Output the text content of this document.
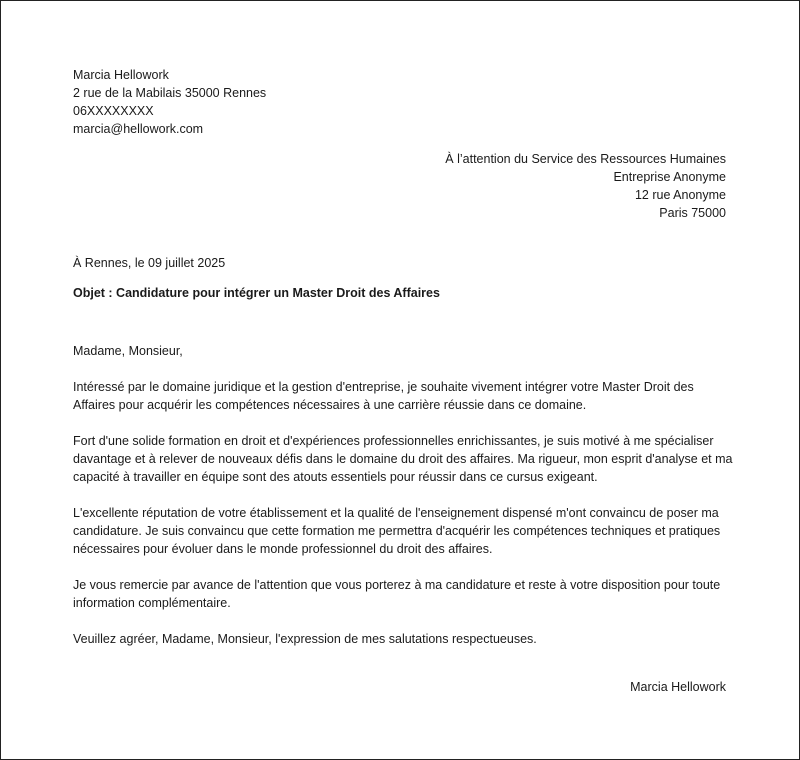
Marcia Hellowork
2 rue de la Mabilais 35000 Rennes
06XXXXXXXX
marcia@hellowork.com
À l’attention du Service des Ressources Humaines
Entreprise Anonyme
12 rue Anonyme
Paris 75000
À Rennes, le 09 juillet 2025
Objet : Candidature pour intégrer un Master Droit des Affaires

Madame, Monsieur,

Intéressé par le domaine juridique et la gestion d'entreprise, je souhaite vivement intégrer votre Master Droit des Affaires pour acquérir les compétences nécessaires à une carrière réussie dans ce domaine.

Fort d'une solide formation en droit et d'expériences professionnelles enrichissantes, je suis motivé à me spécialiser davantage et à relever de nouveaux défis dans le domaine du droit des affaires. Ma rigueur, mon esprit d'analyse et ma capacité à travailler en équipe sont des atouts essentiels pour réussir dans ce cursus exigeant.

L'excellente réputation de votre établissement et la qualité de l'enseignement dispensé m'ont convaincu de poser ma candidature. Je suis convaincu que cette formation me permettra d'acquérir les compétences techniques et pratiques nécessaires pour évoluer dans le monde professionnel du droit des affaires.

Je vous remercie par avance de l'attention que vous porterez à ma candidature et reste à votre disposition pour toute information complémentaire.

Veuillez agréer, Madame, Monsieur, l'expression de mes salutations respectueuses.

Marcia Hellowork
